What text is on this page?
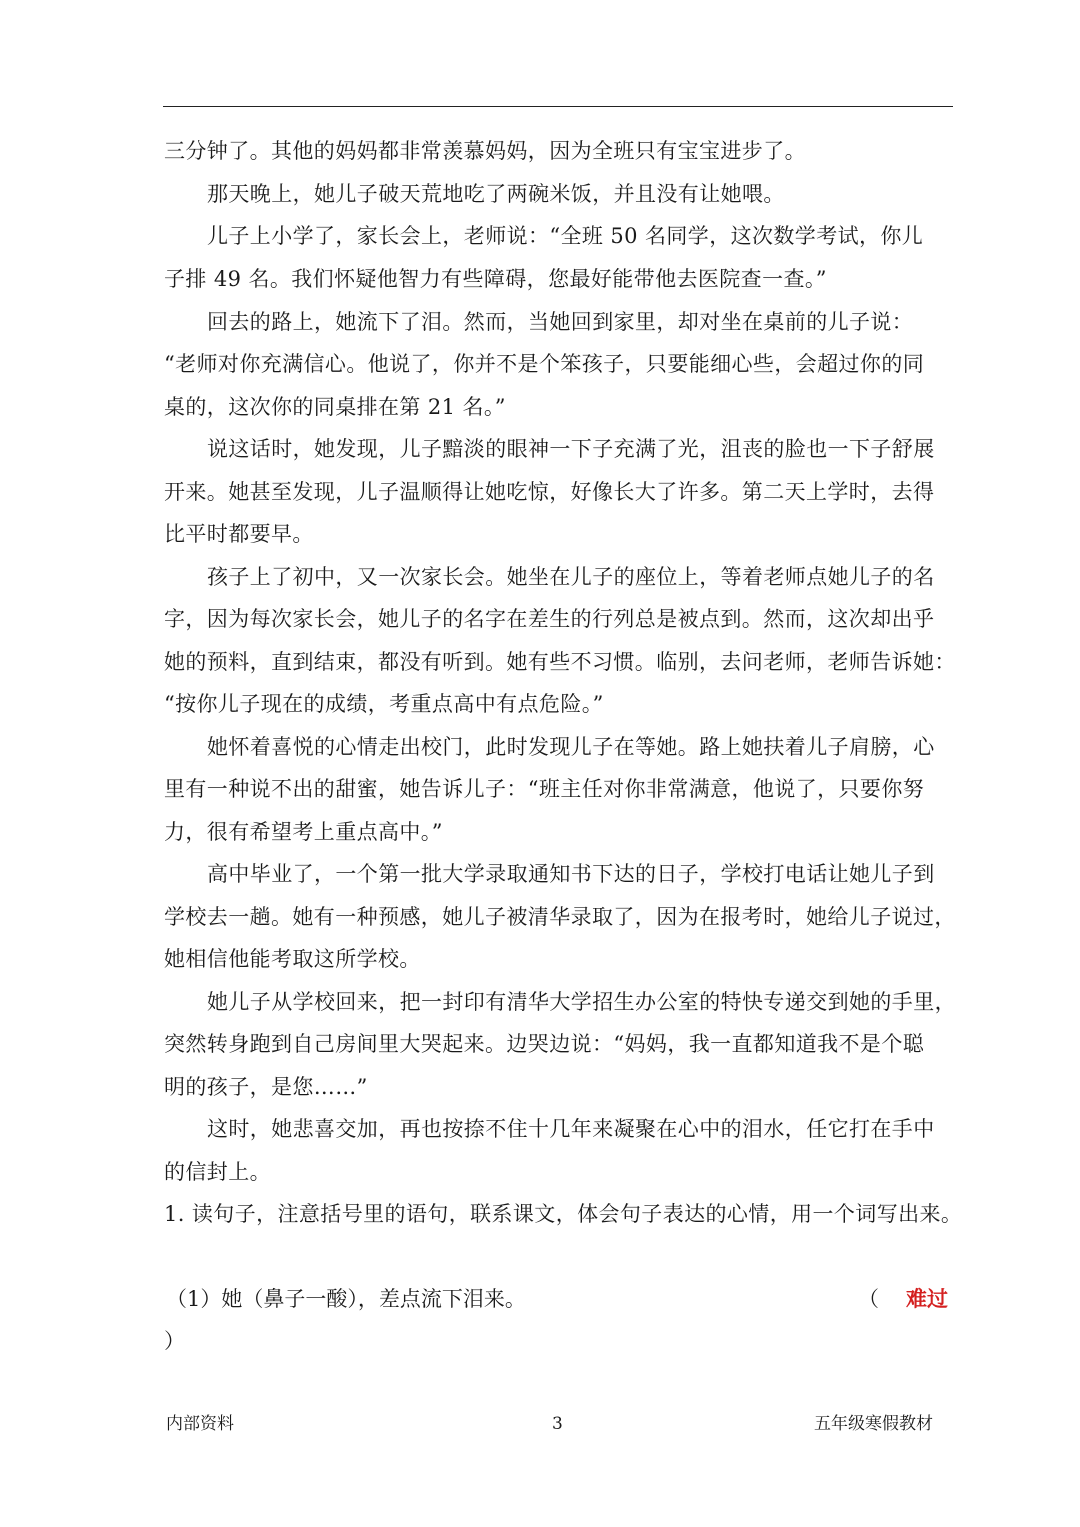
三分钟了。其他的妈妈都非常羡慕妈妈，因为全班只有宝宝进步了。
那天晚上，她儿子破天荒地吃了两碗米饭，并且没有让她喂。
儿子上小学了，家长会上，老师说：“全班 50 名同学，这次数学考试，你儿
子排 49 名。我们怀疑他智力有些障碍，您最好能带他去医院查一查。”
回去的路上，她流下了泪。然而，当她回到家里，却对坐在桌前的儿子说：
“老师对你充满信心。他说了，你并不是个笨孩子，只要能细心些，会超过你的同
桌的，这次你的同桌排在第 21 名。”
说这话时，她发现，儿子黯淡的眼神一下子充满了光，沮丧的脸也一下子舒展
开来。她甚至发现，儿子温顺得让她吃惊，好像长大了许多。第二天上学时，去得
比平时都要早。
孩子上了初中，又一次家长会。她坐在儿子的座位上，等着老师点她儿子的名
字，因为每次家长会，她儿子的名字在差生的行列总是被点到。然而，这次却出乎
她的预料，直到结束，都没有听到。她有些不习惯。临别，去问老师，老师告诉她：
“按你儿子现在的成绩，考重点高中有点危险。”
她怀着喜悦的心情走出校门，此时发现儿子在等她。路上她扶着儿子肩膀，心
里有一种说不出的甜蜜，她告诉儿子：“班主任对你非常满意，他说了，只要你努
力，很有希望考上重点高中。”
高中毕业了，一个第一批大学录取通知书下达的日子，学校打电话让她儿子到
学校去一趟。她有一种预感，她儿子被清华录取了，因为在报考时，她给儿子说过，
她相信他能考取这所学校。
她儿子从学校回来，把一封印有清华大学招生办公室的特快专递交到她的手里，
突然转身跑到自己房间里大哭起来。边哭边说：“妈妈，我一直都知道我不是个聪
明的孩子，是您……”
这时，她悲喜交加，再也按捺不住十几年来凝聚在心中的泪水，任它打在手中
的信封上。
1. 读句子，注意括号里的语句，联系课文，体会句子表达的心情，用一个词写出来。
（1）她（鼻子一酸），差点流下泪来。	（ 难过
）
内部资料	3	五年级寒假教材
